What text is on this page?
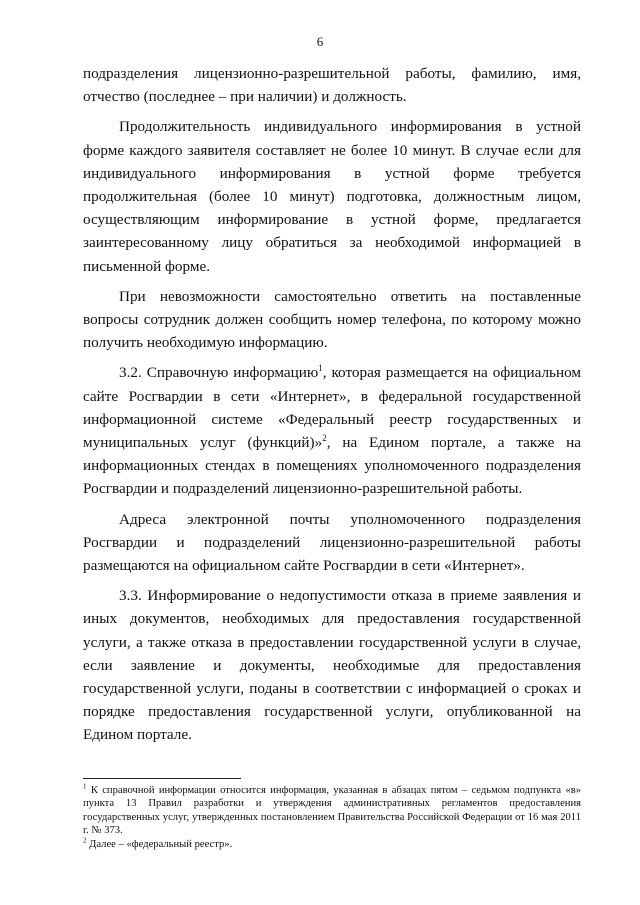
6

подразделения лицензионно-разрешительной работы, фамилию, имя, отчество (последнее – при наличии) и должность.

Продолжительность индивидуального информирования в устной форме каждого заявителя составляет не более 10 минут. В случае если для индивидуального информирования в устной форме требуется продолжительная (более 10 минут) подготовка, должностным лицом, осуществляющим информирование в устной форме, предлагается заинтересованному лицу обратиться за необходимой информацией в письменной форме.

При невозможности самостоятельно ответить на поставленные вопросы сотрудник должен сообщить номер телефона, по которому можно получить необходимую информацию.

3.2. Справочную информацию$^1$, которая размещается на официальном сайте Росгвардии в сети «Интернет», в федеральной государственной информационной системе «Федеральный реестр государственных и муниципальных услуг (функций)»$^2$, на Едином портале, а также на информационных стендах в помещениях уполномоченного подразделения Росгвардии и подразделений лицензионно-разрешительной работы.

Адреса электронной почты уполномоченного подразделения Росгвардии и подразделений лицензионно-разрешительной работы размещаются на официальном сайте Росгвардии в сети «Интернет».

3.3. Информирование о недопустимости отказа в приеме заявления и иных документов, необходимых для предоставления государственной услуги, а также отказа в предоставлении государственной услуги в случае, если заявление и документы, необходимые для предоставления государственной услуги, поданы в соответствии с информацией о сроках и порядке предоставления государственной услуги, опубликованной на Едином портале.

$^1$ К справочной информации относится информация, указанная в абзацах пятом – седьмом подпункта «в» пункта 13 Правил разработки и утверждения административных регламентов предоставления государственных услуг, утвержденных постановлением Правительства Российской Федерации от 16 мая 2011 г. № 373.

$^2$ Далее – «федеральный реестр».
